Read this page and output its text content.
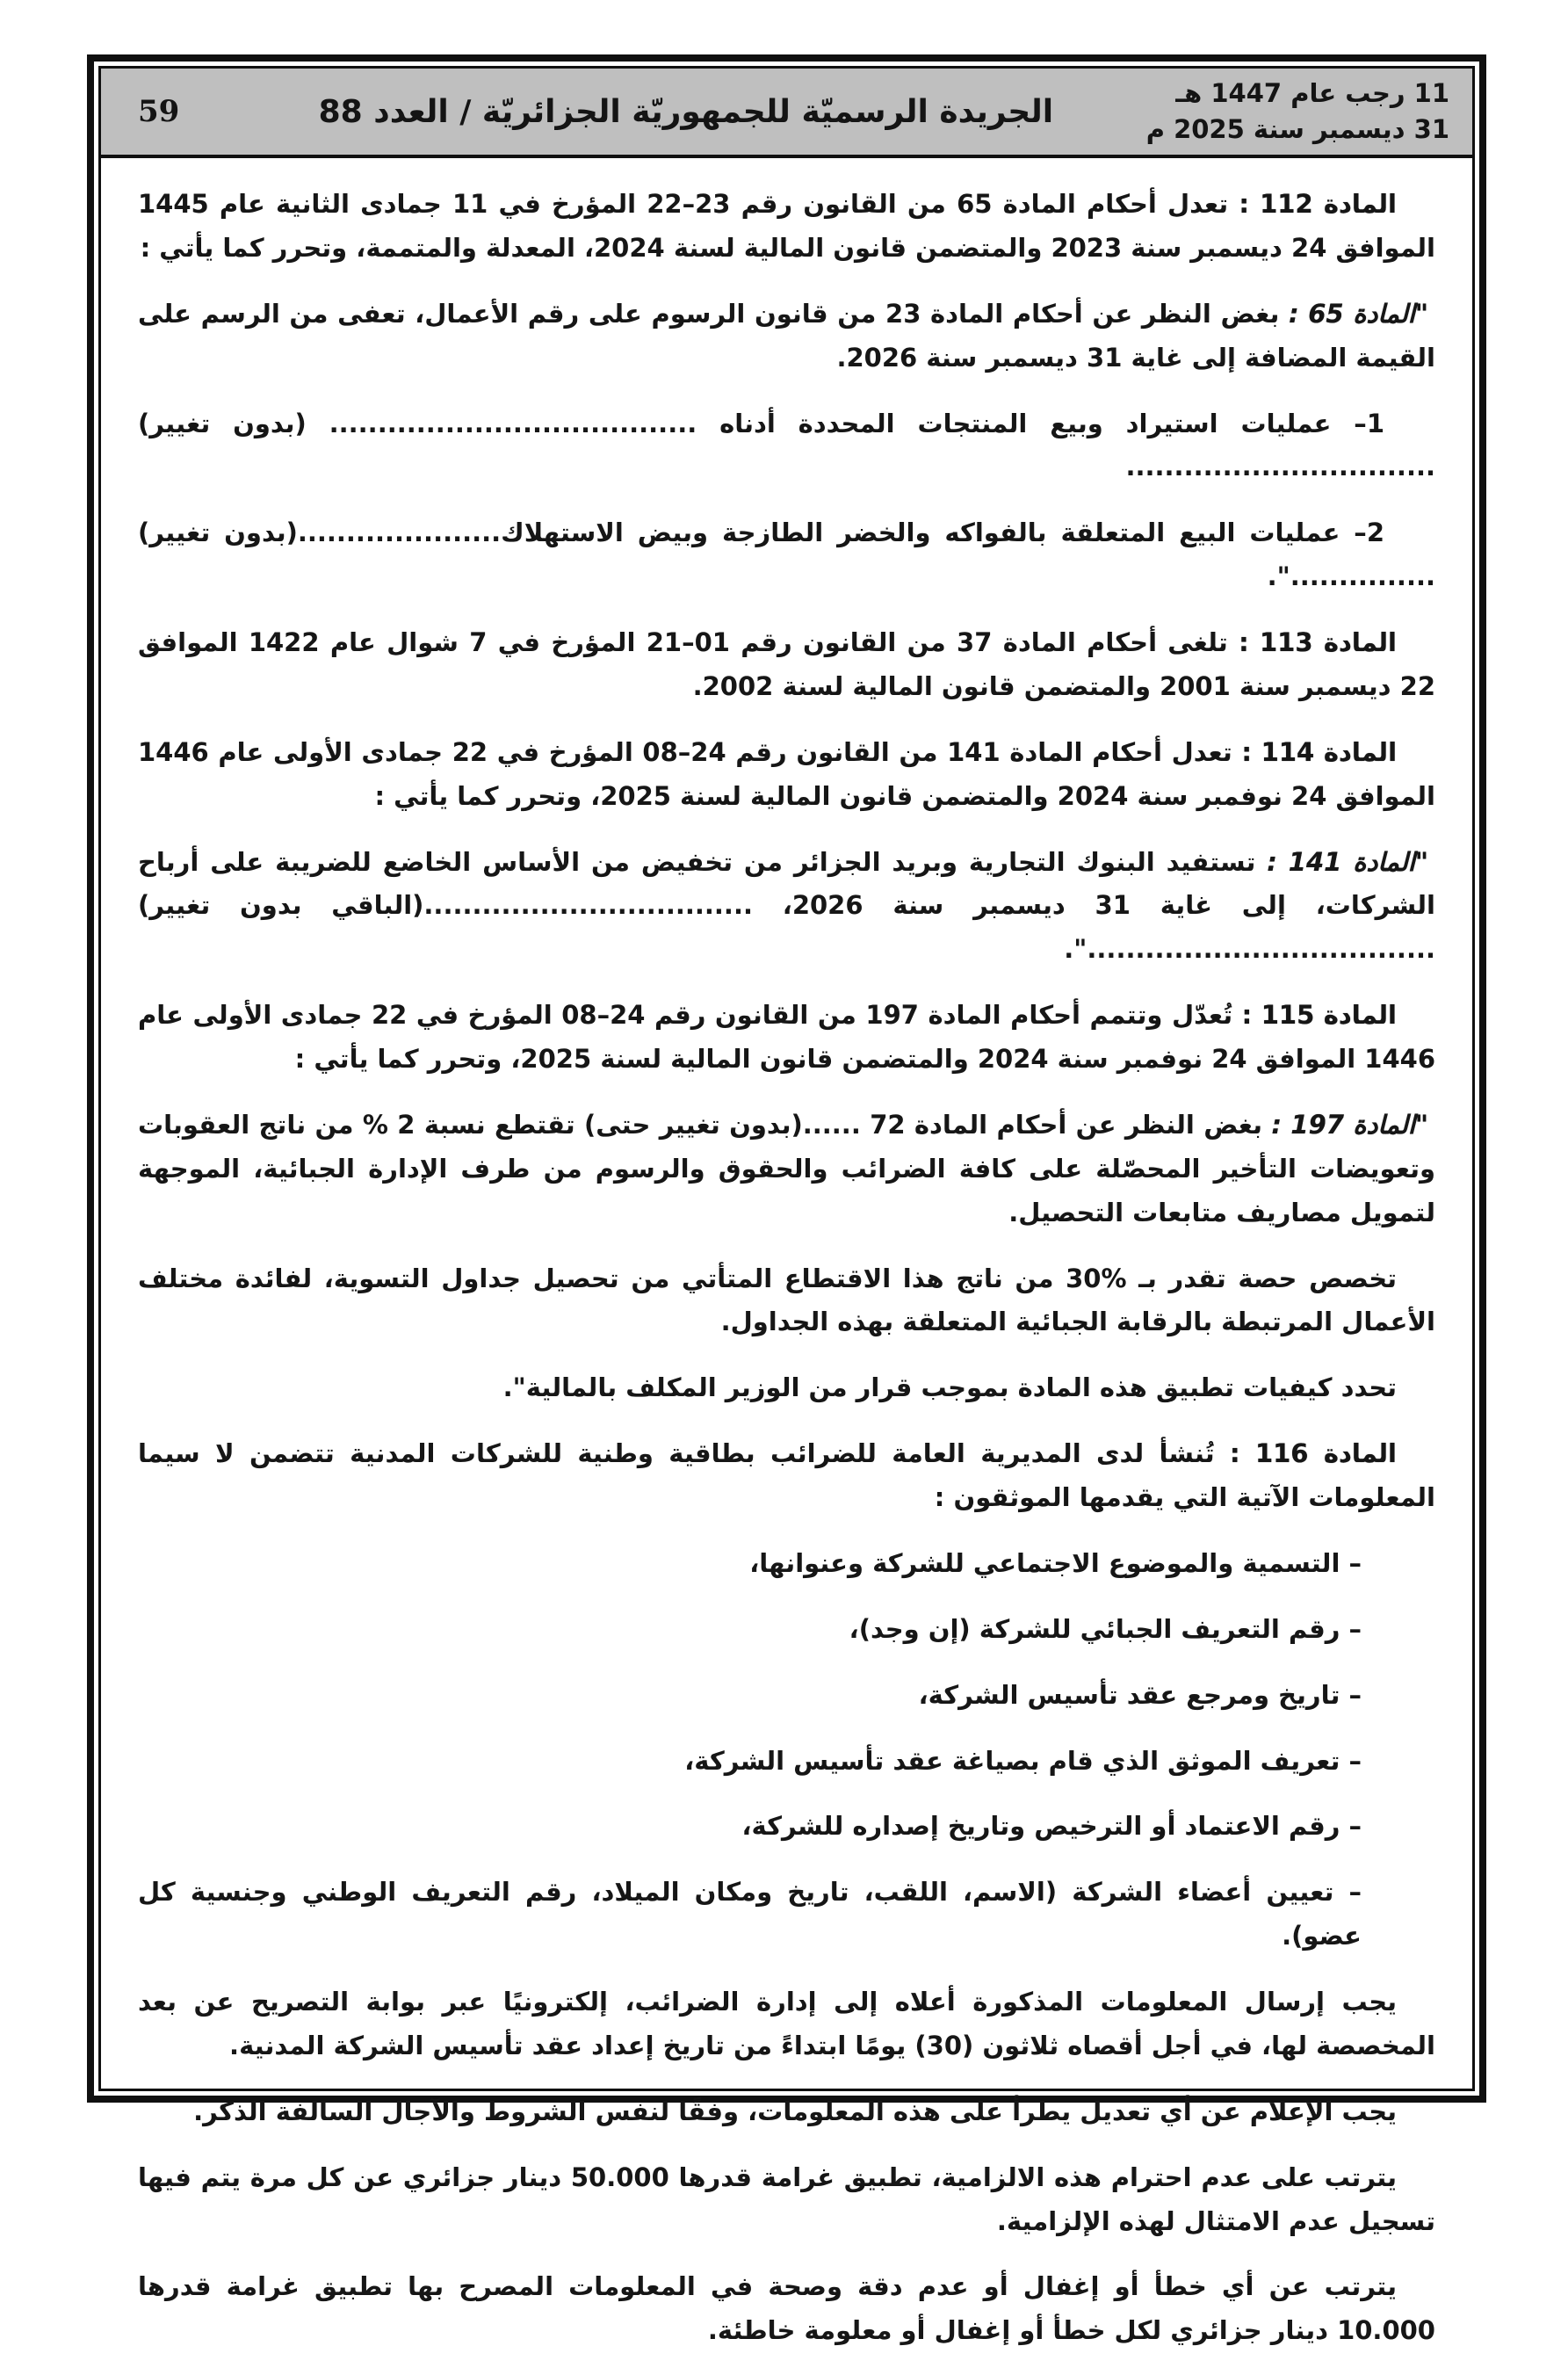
59	الجريدة الرسميّة للجمهوريّة الجزائريّة / العدد 88
11 رجب عام 1447 هـ
31 ديسمبر سنة 2025 م

المادة 112 : تعدل أحكام المادة 65 من القانون رقم 23–22 المؤرخ في 11 جمادى الثانية عام 1445 الموافق 24 ديسمبر سنة 2023 والمتضمن قانون المالية لسنة 2024، المعدلة والمتممة، وتحرر كما يأتي :

"المادة 65 : بغض النظر عن أحكام المادة 23 من قانون الرسوم على رقم الأعمال، تعفى من الرسم على القيمة المضافة إلى غاية 31 ديسمبر سنة 2026.

1– عمليات استيراد وبيع المنتجات المحددة أدناه ...................................... (بدون تغيير) ................................

2– عمليات البيع المتعلقة بالفواكه والخضر الطازجة وبيض الاستهلاك.....................(بدون تغيير) ...............".

المادة 113 : تلغى أحكام المادة 37 من القانون رقم 01–21 المؤرخ في 7 شوال عام 1422 الموافق 22 ديسمبر سنة 2001 والمتضمن قانون المالية لسنة 2002.

المادة 114 : تعدل أحكام المادة 141 من القانون رقم 24–08 المؤرخ في 22 جمادى الأولى عام 1446 الموافق 24 نوفمبر سنة 2024 والمتضمن قانون المالية لسنة 2025، وتحرر كما يأتي :

"المادة 141 : تستفيد البنوك التجارية وبريد الجزائر من تخفيض من الأساس الخاضع للضريبة على أرباح الشركات، إلى غاية 31 ديسمبر سنة 2026، ..................................(الباقي بدون تغيير) ....................................".

المادة 115 : تُعدّل وتتمم أحكام المادة 197 من القانون رقم 24–08 المؤرخ في 22 جمادى الأولى عام 1446 الموافق 24 نوفمبر سنة 2024 والمتضمن قانون المالية لسنة 2025، وتحرر كما يأتي :

"المادة 197 : بغض النظر عن أحكام المادة 72 ......(بدون تغيير حتى) تقتطع نسبة 2 % من ناتج العقوبات وتعويضات التأخير المحصّلة على كافة الضرائب والحقوق والرسوم من طرف الإدارة الجبائية، الموجهة لتمويل مصاريف متابعات التحصيل.

تخصص حصة تقدر بـ %30 من ناتج هذا الاقتطاع المتأتي من تحصيل جداول التسوية، لفائدة مختلف الأعمال المرتبطة بالرقابة الجبائية المتعلقة بهذه الجداول.

تحدد كيفيات تطبيق هذه المادة بموجب قرار من الوزير المكلف بالمالية".

المادة 116 : تُنشأ لدى المديرية العامة للضرائب بطاقية وطنية للشركات المدنية تتضمن لا سيما المعلومات الآتية التي يقدمها الموثقون :

– التسمية والموضوع الاجتماعي للشركة وعنوانها،

– رقم التعريف الجبائي للشركة (إن وجد)،

– تاريخ ومرجع عقد تأسيس الشركة،

– تعريف الموثق الذي قام بصياغة عقد تأسيس الشركة،

– رقم الاعتماد أو الترخيص وتاريخ إصداره للشركة،

– تعيين أعضاء الشركة (الاسم، اللقب، تاريخ ومكان الميلاد، رقم التعريف الوطني وجنسية كل عضو).

يجب إرسال المعلومات المذكورة أعلاه إلى إدارة الضرائب، إلكترونيًا عبر بوابة التصريح عن بعد المخصصة لها، في أجل أقصاه ثلاثون (30) يومًا ابتداءً من تاريخ إعداد عقد تأسيس الشركة المدنية.

يجب الإعلام عن أي تعديل يطرأ على هذه المعلومات، وفقًا لنفس الشروط والآجال السالفة الذكر.

يترتب على عدم احترام هذه الالزامية، تطبيق غرامة قدرها 50.000 دينار جزائري عن كل مرة يتم فيها تسجيل عدم الامتثال لهذه الإلزامية.

يترتب عن أي خطأ أو إغفال أو عدم دقة وصحة في المعلومات المصرح بها تطبيق غرامة قدرها 10.000 دينار جزائري لكل خطأ أو إغفال أو معلومة خاطئة.
